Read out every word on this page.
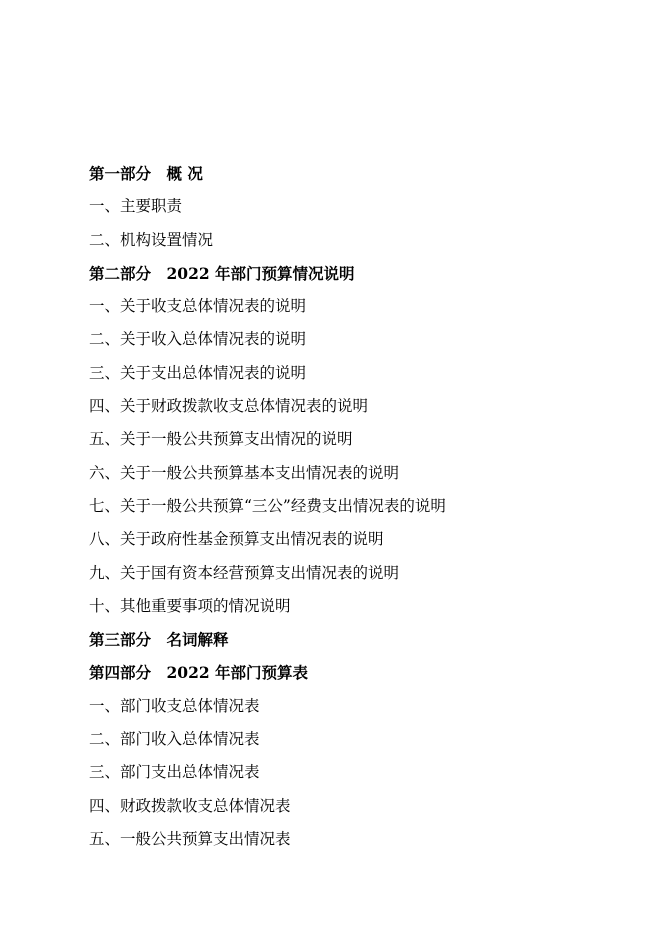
第一部分　概 况
一、主要职责
二、机构设置情况
第二部分　2022 年部门预算情况说明
一、关于收支总体情况表的说明
二、关于收入总体情况表的说明
三、关于支出总体情况表的说明
四、关于财政拨款收支总体情况表的说明
五、关于一般公共预算支出情况的说明
六、关于一般公共预算基本支出情况表的说明
七、关于一般公共预算“三公”经费支出情况表的说明
八、关于政府性基金预算支出情况表的说明
九、关于国有资本经营预算支出情况表的说明
十、其他重要事项的情况说明
第三部分　名词解释
第四部分　2022 年部门预算表
一、部门收支总体情况表
二、部门收入总体情况表
三、部门支出总体情况表
四、财政拨款收支总体情况表
五、一般公共预算支出情况表
